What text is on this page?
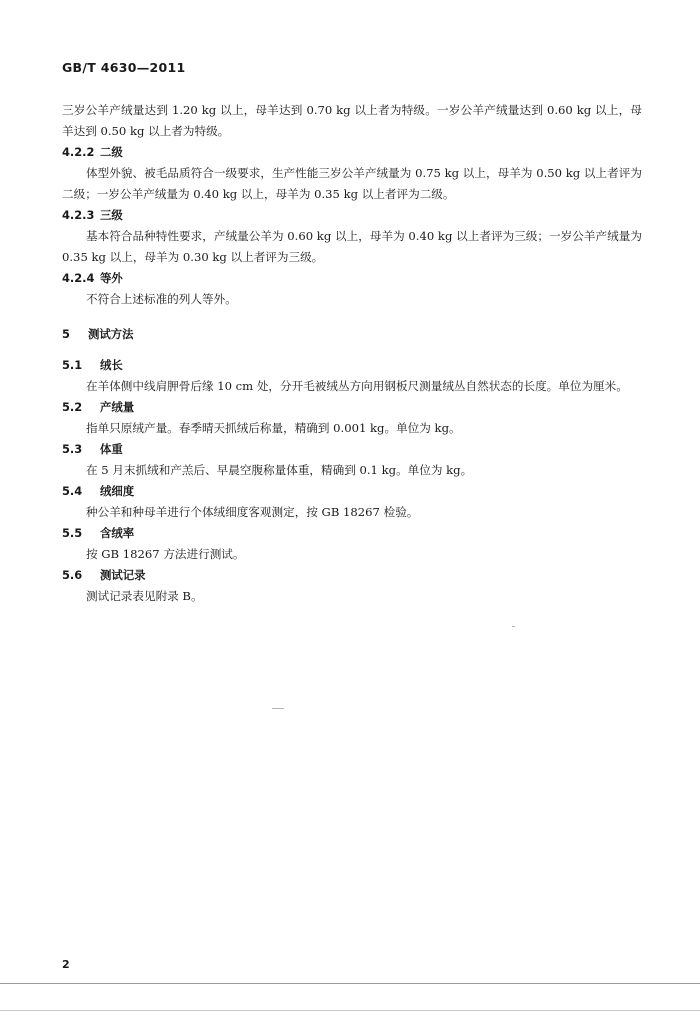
GB/T 4630—2011

三岁公羊产绒量达到 1.20 kg 以上，母羊达到 0.70 kg 以上者为特级。一岁公羊产绒量达到 0.60 kg 以上，母羊达到 0.50 kg 以上者为特级。

4.2.2 二级

体型外貌、被毛品质符合一级要求，生产性能三岁公羊产绒量为 0.75 kg 以上，母羊为 0.50 kg 以上者评为二级；一岁公羊产绒量为 0.40 kg 以上，母羊为 0.35 kg 以上者评为二级。

4.2.3 三级

基本符合品种特性要求，产绒量公羊为 0.60 kg 以上，母羊为 0.40 kg 以上者评为三级；一岁公羊产绒量为 0.35 kg 以上，母羊为 0.30 kg 以上者评为三级。

4.2.4 等外

不符合上述标准的列人等外。

5 测试方法

5.1 绒长

在羊体侧中线肩胛骨后缘 10 cm 处，分开毛被绒丛方向用钢板尺测量绒丛自然状态的长度。单位为厘米。

5.2 产绒量

指单只原绒产量。春季晴天抓绒后称量，精确到 0.001 kg。单位为 kg。

5.3 体重

在 5 月末抓绒和产羔后、早晨空腹称量体重，精确到 0.1 kg。单位为 kg。

5.4 绒细度

种公羊和种母羊进行个体绒细度客观测定，按 GB 18267 检验。

5.5 含绒率

按 GB 18267 方法进行测试。

5.6 测试记录

测试记录表见附录 B。

2
